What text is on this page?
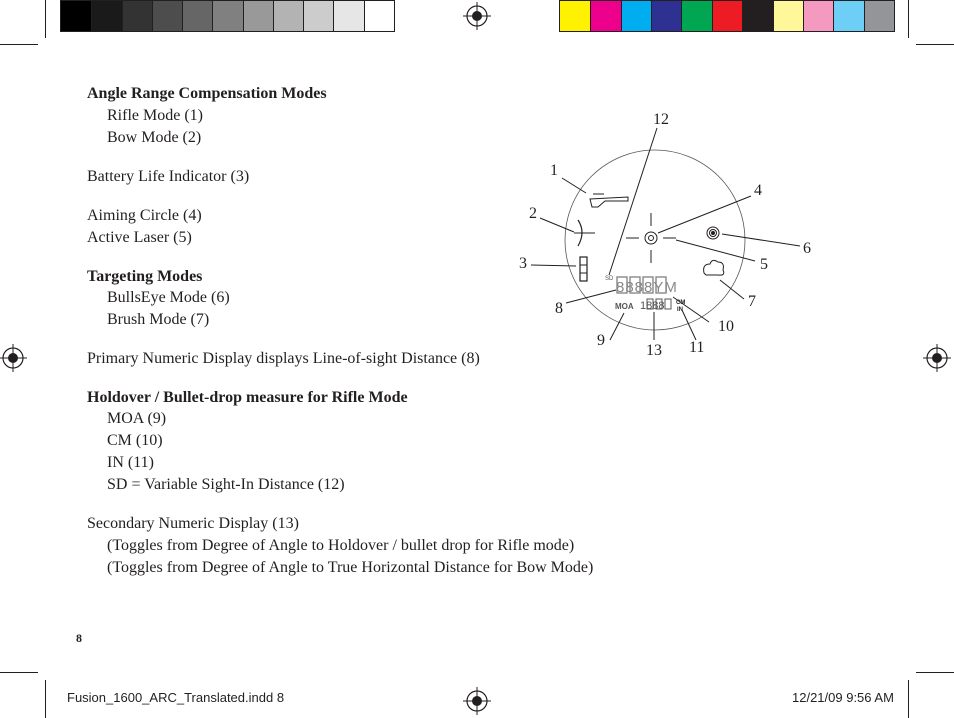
Angle Range Compensation Modes
Rifle Mode (1)
Bow Mode (2)
Battery Life Indicator (3)
Aiming Circle (4)
Active Laser (5)
Targeting Modes
BullsEye Mode (6)
Brush Mode (7)
Primary Numeric Display displays Line-of-sight Distance (8)
Holdover / Bullet-drop measure for Rifle Mode
MOA (9)
CM (10)
IN (11)
SD = Variable Sight-In Distance (12)
Secondary Numeric Display (13)
(Toggles from Degree of Angle to Holdover / bullet drop for Rifle mode)
(Toggles from Degree of Angle to True Horizontal Distance for Bow Mode)
8
SD 8888YM
MOA 1888 CM
IN
12
1
4
2
6
3	5
7
8
10
9	11
13
Fusion_1600_ARC_Translated.indd 8	12/21/09 9:56 AM
